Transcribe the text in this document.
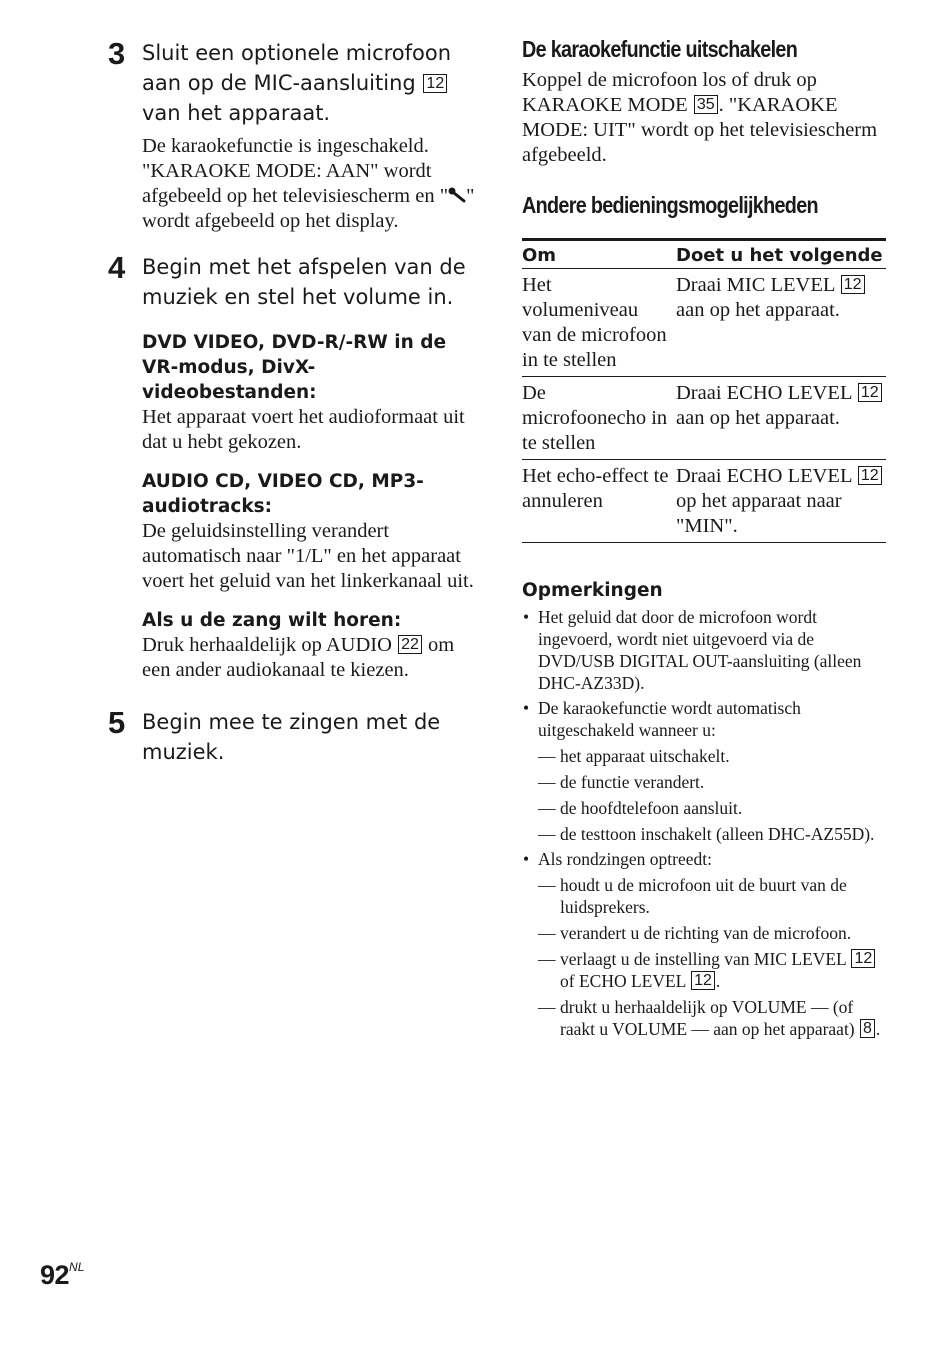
3 Sluit een optionele microfoon aan op de MIC-aansluiting 12 van het apparaat.
De karaokefunctie is ingeschakeld. "KARAOKE MODE: AAN" wordt afgebeeld op het televisiescherm en " " wordt afgebeeld op het display.
4 Begin met het afspelen van de muziek en stel het volume in.
DVD VIDEO, DVD-R/-RW in de VR-modus, DivX-videobestanden:
Het apparaat voert het audioformaat uit dat u hebt gekozen.
AUDIO CD, VIDEO CD, MP3-audiotracks:
De geluidsinstelling verandert automatisch naar "1/L" en het apparaat voert het geluid van het linkerkanaal uit.
Als u de zang wilt horen:
Druk herhaaldelijk op AUDIO 22 om een ander audiokanaal te kiezen.
5 Begin mee te zingen met de muziek.
De karaokefunctie uitschakelen
Koppel de microfoon los of druk op KARAOKE MODE 35 . "KARAOKE MODE: UIT" wordt op het televisiescherm afgebeeld.
Andere bedieningsmogelijkheden
Om	Doet u het volgende
Het volumeniveau van de microfoon in te stellen	Draai MIC LEVEL 12 aan op het apparaat.
De microfoonecho in te stellen	Draai ECHO LEVEL 12 aan op het apparaat.
Het echo-effect te annuleren	Draai ECHO LEVEL 12 op het apparaat naar "MIN".
Opmerkingen
• Het geluid dat door de microfoon wordt ingevoerd, wordt niet uitgevoerd via de DVD/USB DIGITAL OUT-aansluiting (alleen DHC-AZ33D).
• De karaokefunctie wordt automatisch uitgeschakeld wanneer u:
— het apparaat uitschakelt.
— de functie verandert.
— de hoofdtelefoon aansluit.
— de testtoon inschakelt (alleen DHC-AZ55D).
• Als rondzingen optreedt:
— houdt u de microfoon uit de buurt van de luidsprekers.
— verandert u de richting van de microfoon.
— verlaagt u de instelling van MIC LEVEL 12 of ECHO LEVEL 12 .
— drukt u herhaaldelijk op VOLUME — (of raakt u VOLUME — aan op het apparaat) 8 .
$92^{NL}$
